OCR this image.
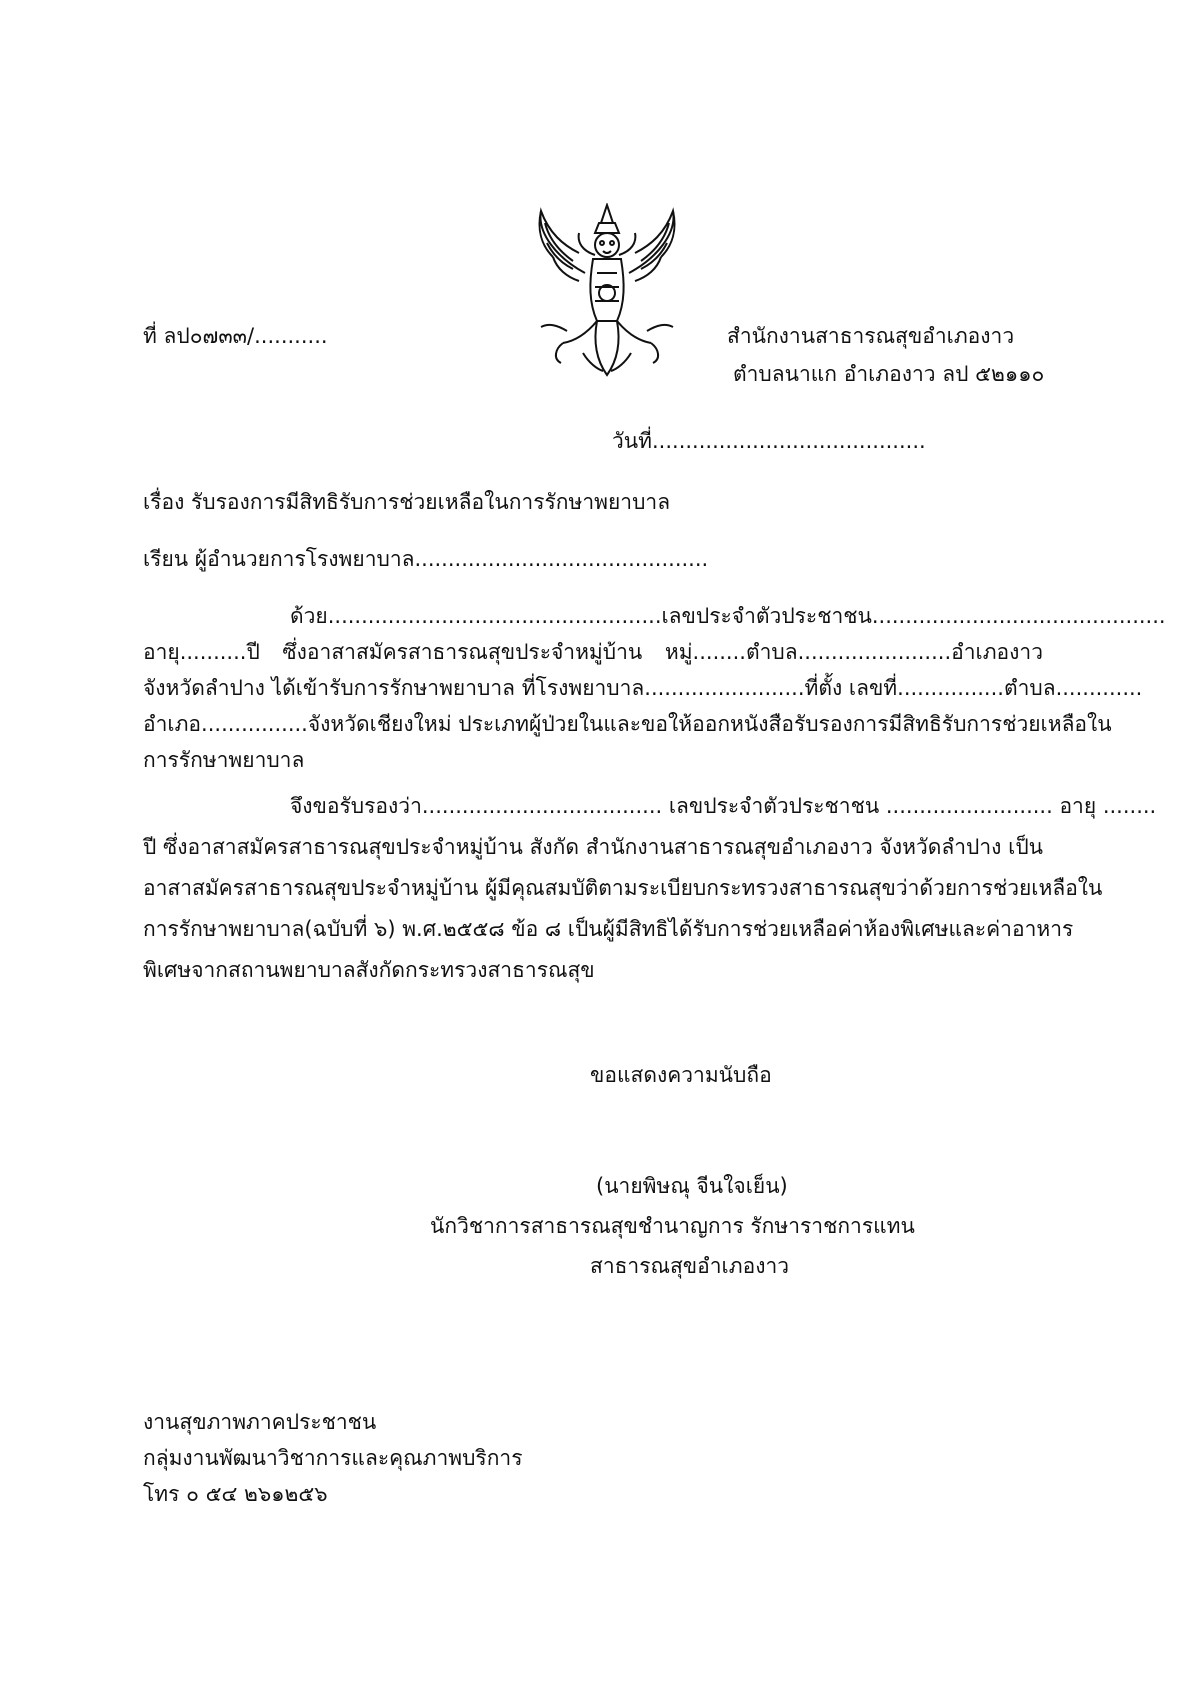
ที่ ลป๐๗๓๓/...........	สำนักงานสาธารณสุขอำเภองาว
ตำบลนาแก อำเภองาว ลป ๕๒๑๑๐
วันที่.........................................
เรื่อง รับรองการมีสิทธิรับการช่วยเหลือในการรักษาพยาบาล
เรียน ผู้อำนวยการโรงพยาบาล............................................
ด้วย..................................................เลขประจำตัวประชาชน............................................
อายุ..........ปี ซึ่งอาสาสมัครสาธารณสุขประจำหมู่บ้าน หมู่........ตำบล.......................อำเภองาว
จังหวัดลำปาง ได้เข้ารับการรักษาพยาบาล ที่โรงพยาบาล........................ที่ตั้ง เลขที่................ตำบล.............
อำเภอ................จังหวัดเชียงใหม่ ประเภทผู้ป่วยในและขอให้ออกหนังสือรับรองการมีสิทธิรับการช่วยเหลือใน
การรักษาพยาบาล
จึงขอรับรองว่า.................................... เลขประจำตัวประชาชน ......................... อายุ ........
ปี ซึ่งอาสาสมัครสาธารณสุขประจำหมู่บ้าน สังกัด สำนักงานสาธารณสุขอำเภองาว จังหวัดลำปาง เป็น
อาสาสมัครสาธารณสุขประจำหมู่บ้าน ผู้มีคุณสมบัติตามระเบียบกระทรวงสาธารณสุขว่าด้วยการช่วยเหลือใน
การรักษาพยาบาล(ฉบับที่ ๖) พ.ศ.๒๕๕๘ ข้อ ๘ เป็นผู้มีสิทธิได้รับการช่วยเหลือค่าห้องพิเศษและค่าอาหาร
พิเศษจากสถานพยาบาลสังกัดกระทรวงสาธารณสุข
ขอแสดงความนับถือ
(นายพิษณุ จีนใจเย็น)
นักวิชาการสาธารณสุขชำนาญการ รักษาราชการแทน
สาธารณสุขอำเภองาว
งานสุขภาพภาคประชาชน
กลุ่มงานพัฒนาวิชาการและคุณภาพบริการ
โทร ๐ ๕๔ ๒๖๑๒๕๖
